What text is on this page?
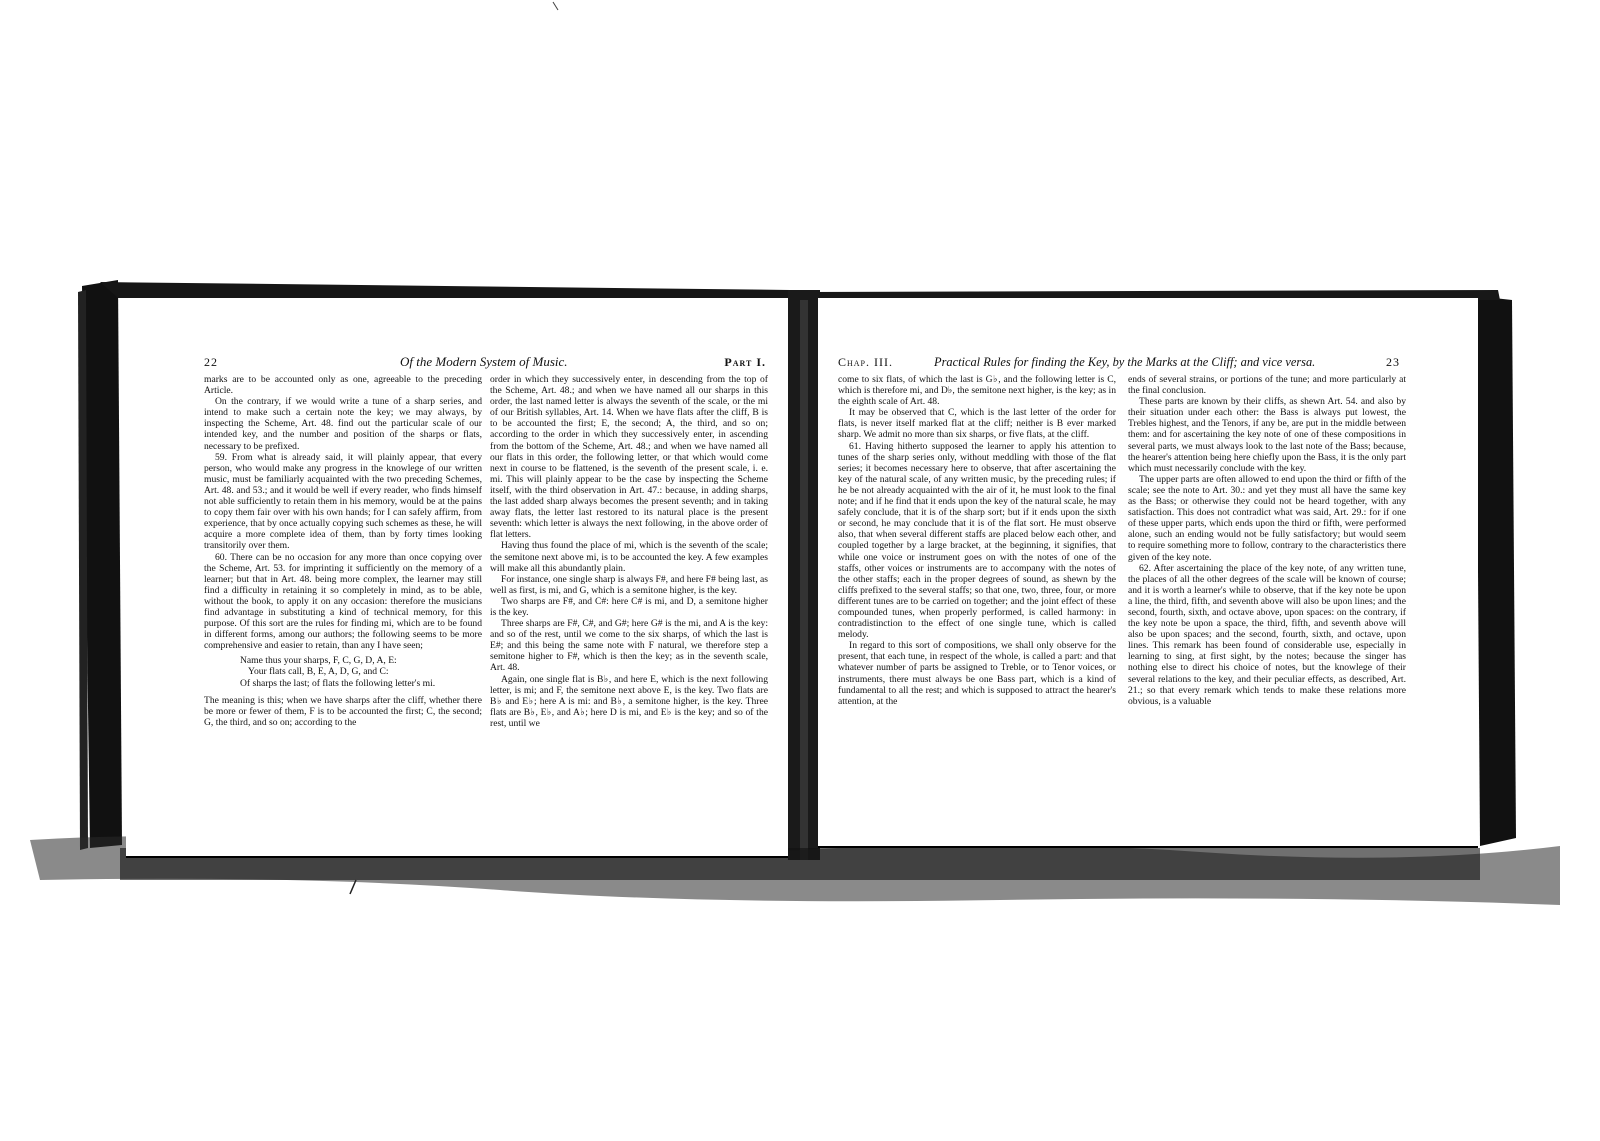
22	Of the Modern System of Music.	Part I.

marks are to be accounted only as one, agreeable to the preceding Article.

On the contrary, if we would write a tune of a sharp series, and intend to make such a certain note the key; we may always, by inspecting the Scheme, Art. 48. find out the particular scale of our intended key, and the number and position of the sharps or flats, necessary to be prefixed.

59. From what is already said, it will plainly appear, that every person, who would make any progress in the knowlege of our written music, must be familiarly acquainted with the two preceding Schemes, Art. 48. and 53.; and it would be well if every reader, who finds himself not able sufficiently to retain them in his memory, would be at the pains to copy them fair over with his own hands; for I can safely affirm, from experience, that by once actually copying such schemes as these, he will acquire a more complete idea of them, than by forty times looking transitorily over them.

60. There can be no occasion for any more than once copying over the Scheme, Art. 53. for imprinting it sufficiently on the memory of a learner; but that in Art. 48. being more complex, the learner may still find a difficulty in retaining it so completely in mind, as to be able, without the book, to apply it on any occasion: therefore the musicians find advantage in substituting a kind of technical memory, for this purpose. Of this sort are the rules for finding mi, which are to be found in different forms, among our authors; the following seems to be more comprehensive and easier to retain, than any I have seen;

Name thus your sharps, F, C, G, D, A, E:
Your flats call, B, E, A, D, G, and C:
Of sharps the last; of flats the following letter's mi.

The meaning is this; when we have sharps after the cliff, whether there be more or fewer of them, F is to be accounted the first; C, the second; G, the third, and so on; according to the

order in which they successively enter, in descending from the top of the Scheme, Art. 48.; and when we have named all our sharps in this order, the last named letter is always the seventh of the scale, or the mi of our British syllables, Art. 14. When we have flats after the cliff, B is to be accounted the first; E, the second; A, the third, and so on; according to the order in which they successively enter, in ascending from the bottom of the Scheme, Art. 48.; and when we have named all our flats in this order, the following letter, or that which would come next in course to be flattened, is the seventh of the present scale, i. e. mi. This will plainly appear to be the case by inspecting the Scheme itself, with the third observation in Art. 47.: because, in adding sharps, the last added sharp always becomes the present seventh; and in taking away flats, the letter last restored to its natural place is the present seventh: which letter is always the next following, in the above order of flat letters.

Having thus found the place of mi, which is the seventh of the scale; the semitone next above mi, is to be accounted the key. A few examples will make all this abundantly plain.

For instance, one single sharp is always F#, and here F# being last, as well as first, is mi, and G, which is a semitone higher, is the key.

Two sharps are F#, and C#: here C# is mi, and D, a semitone higher is the key.

Three sharps are F#, C#, and G#; here G# is the mi, and A is the key: and so of the rest, until we come to the six sharps, of which the last is E#; and this being the same note with F natural, we therefore step a semitone higher to F#, which is then the key; as in the seventh scale, Art. 48.

Again, one single flat is B♭, and here E, which is the next following letter, is mi; and F, the semitone next above E, is the key. Two flats are B♭ and E♭; here A is mi: and B♭, a semitone higher, is the key. Three flats are B♭, E♭, and A♭; here D is mi, and E♭ is the key; and so of the rest, until we

Chap. III.	Practical Rules for finding the Key, by the Marks at the Cliff; and vice versa.	23

come to six flats, of which the last is G♭, and the following letter is C, which is therefore mi, and D♭, the semitone next higher, is the key; as in the eighth scale of Art. 48.

It may be observed that C, which is the last letter of the order for flats, is never itself marked flat at the cliff; neither is B ever marked sharp. We admit no more than six sharps, or five flats, at the cliff.

61. Having hitherto supposed the learner to apply his attention to tunes of the sharp series only, without meddling with those of the flat series; it becomes necessary here to observe, that after ascertaining the key of the natural scale, of any written music, by the preceding rules; if he be not already acquainted with the air of it, he must look to the final note; and if he find that it ends upon the key of the natural scale, he may safely conclude, that it is of the sharp sort; but if it ends upon the sixth or second, he may conclude that it is of the flat sort. He must observe also, that when several different staffs are placed below each other, and coupled together by a large bracket, at the beginning, it signifies, that while one voice or instrument goes on with the notes of one of the staffs, other voices or instruments are to accompany with the notes of the other staffs; each in the proper degrees of sound, as shewn by the cliffs prefixed to the several staffs; so that one, two, three, four, or more different tunes are to be carried on together; and the joint effect of these compounded tunes, when properly performed, is called harmony: in contradistinction to the effect of one single tune, which is called melody.

In regard to this sort of compositions, we shall only observe for the present, that each tune, in respect of the whole, is called a part: and that whatever number of parts be assigned to Treble, or to Tenor voices, or instruments, there must always be one Bass part, which is a kind of fundamental to all the rest; and which is supposed to attract the hearer's attention, at the

ends of several strains, or portions of the tune; and more particularly at the final conclusion.

These parts are known by their cliffs, as shewn Art. 54. and also by their situation under each other: the Bass is always put lowest, the Trebles highest, and the Tenors, if any be, are put in the middle between them: and for ascertaining the key note of one of these compositions in several parts, we must always look to the last note of the Bass; because, the hearer's attention being here chiefly upon the Bass, it is the only part which must necessarily conclude with the key.

The upper parts are often allowed to end upon the third or fifth of the scale; see the note to Art. 30.: and yet they must all have the same key as the Bass; or otherwise they could not be heard together, with any satisfaction. This does not contradict what was said, Art. 29.: for if one of these upper parts, which ends upon the third or fifth, were performed alone, such an ending would not be fully satisfactory; but would seem to require something more to follow, contrary to the characteristics there given of the key note.

62. After ascertaining the place of the key note, of any written tune, the places of all the other degrees of the scale will be known of course; and it is worth a learner's while to observe, that if the key note be upon a line, the third, fifth, and seventh above will also be upon lines; and the second, fourth, sixth, and octave above, upon spaces: on the contrary, if the key note be upon a space, the third, fifth, and seventh above will also be upon spaces; and the second, fourth, sixth, and octave, upon lines. This remark has been found of considerable use, especially in learning to sing, at first sight, by the notes; because the singer has nothing else to direct his choice of notes, but the knowlege of their several relations to the key, and their peculiar effects, as described, Art. 21.; so that every remark which tends to make these relations more obvious, is a valuable
